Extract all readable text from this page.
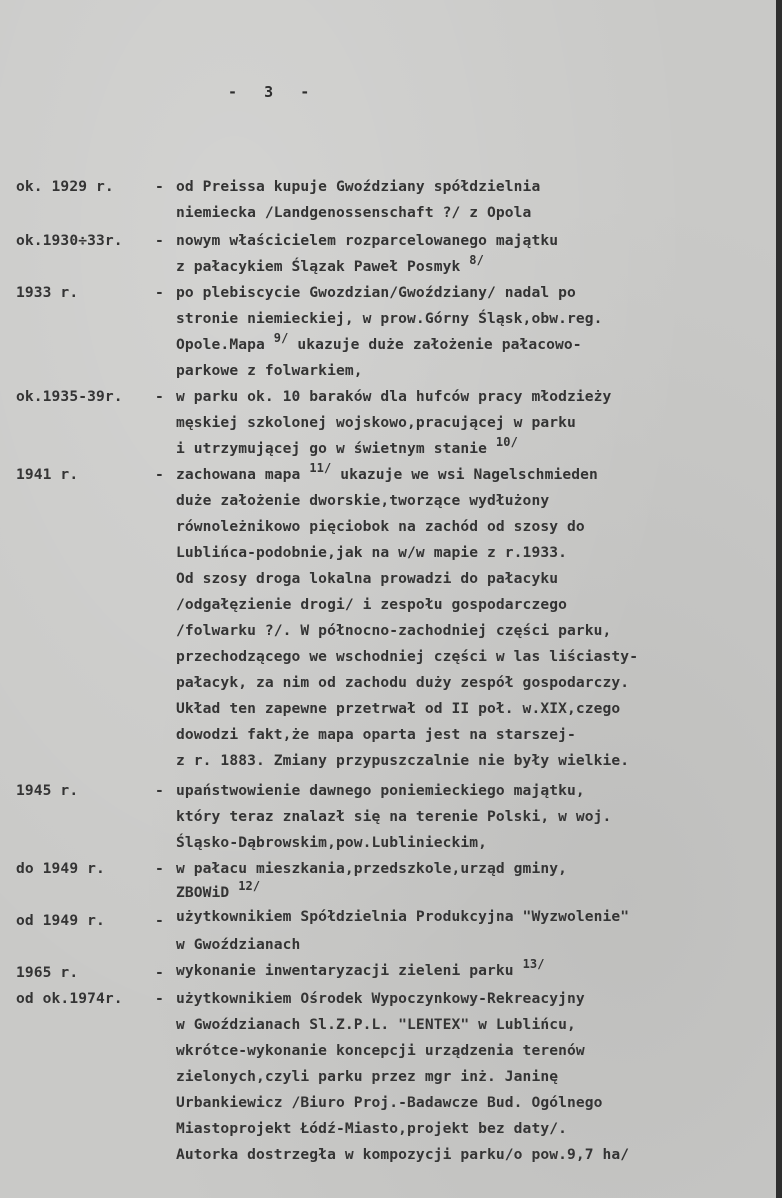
-   3   -
ok. 1929 r.	- od Preissa kupuje Gwoździany spółdzielnia
niemiecka /Landgenossenschaft ?/ z Opola
ok.1930÷33r. - nowym właścicielem rozparcelowanego majątku
z pałacykiem Ślązak Paweł Posmyk $^{8/}$
1933 r.	- po plebiscycie Gwozdzian/Gwoździany/ nadal po
stronie niemieckiej, w prow.Górny Śląsk,obw.reg.
Opole.Mapa $^{9/}$ ukazuje duże założenie pałacowo-
parkowe z folwarkiem,
ok.1935-39r. - w parku ok. 10 baraków dla hufców pracy młodzieży
męskiej szkolonej wojskowo,pracującej w parku
i utrzymującej go w świetnym stanie $^{10/}$
1941 r.	- zachowana mapa $^{11/}$ ukazuje we wsi Nagelschmieden
duże założenie dworskie,tworzące wydłużony
równoleżnikowo pięciobok na zachód od szosy do
Lublińca-podobnie,jak na w/w mapie z r.1933.
Od szosy droga lokalna prowadzi do pałacyku
/odgałęzienie drogi/ i zespołu gospodarczego
/folwarku ?/. W północno-zachodniej części parku,
przechodzącego we wschodniej części w las liściasty-
pałacyk, za nim od zachodu duży zespół gospodarczy.
Układ ten zapewne przetrwał od II poł. w.XIX,czego
dowodzi fakt,że mapa oparta jest na starszej-
z r. 1883. Zmiany przypuszczalnie nie były wielkie.
1945 r.	- upaństwowienie dawnego poniemieckiego majątku,
który teraz znalazł się na terenie Polski, w woj.
Śląsko-Dąbrowskim,pow.Lublinieckim,
do 1949 r.	- w pałacu mieszkania,przedszkole,urząd gminy,
ZBOWiD $^{12/}$
od 1949 r.	- użytkownikiem Spółdzielnia Produkcyjna "Wyzwolenie"
w Gwoździanach
1965 r.	- wykonanie inwentaryzacji zieleni parku $^{13/}$
od ok.1974r. - użytkownikiem Ośrodek Wypoczynkowy-Rekreacyjny
w Gwoździanach Sl.Z.P.L. "LENTEX" w Lublińcu,
wkrótce-wykonanie koncepcji urządzenia terenów
zielonych,czyli parku przez mgr inż. Janinę
Urbankiewicz /Biuro Proj.-Badawcze Bud. Ogólnego
Miastoprojekt Łódź-Miasto,projekt bez daty/.
Autorka dostrzegła w kompozycji parku/o pow.9,7 ha/
